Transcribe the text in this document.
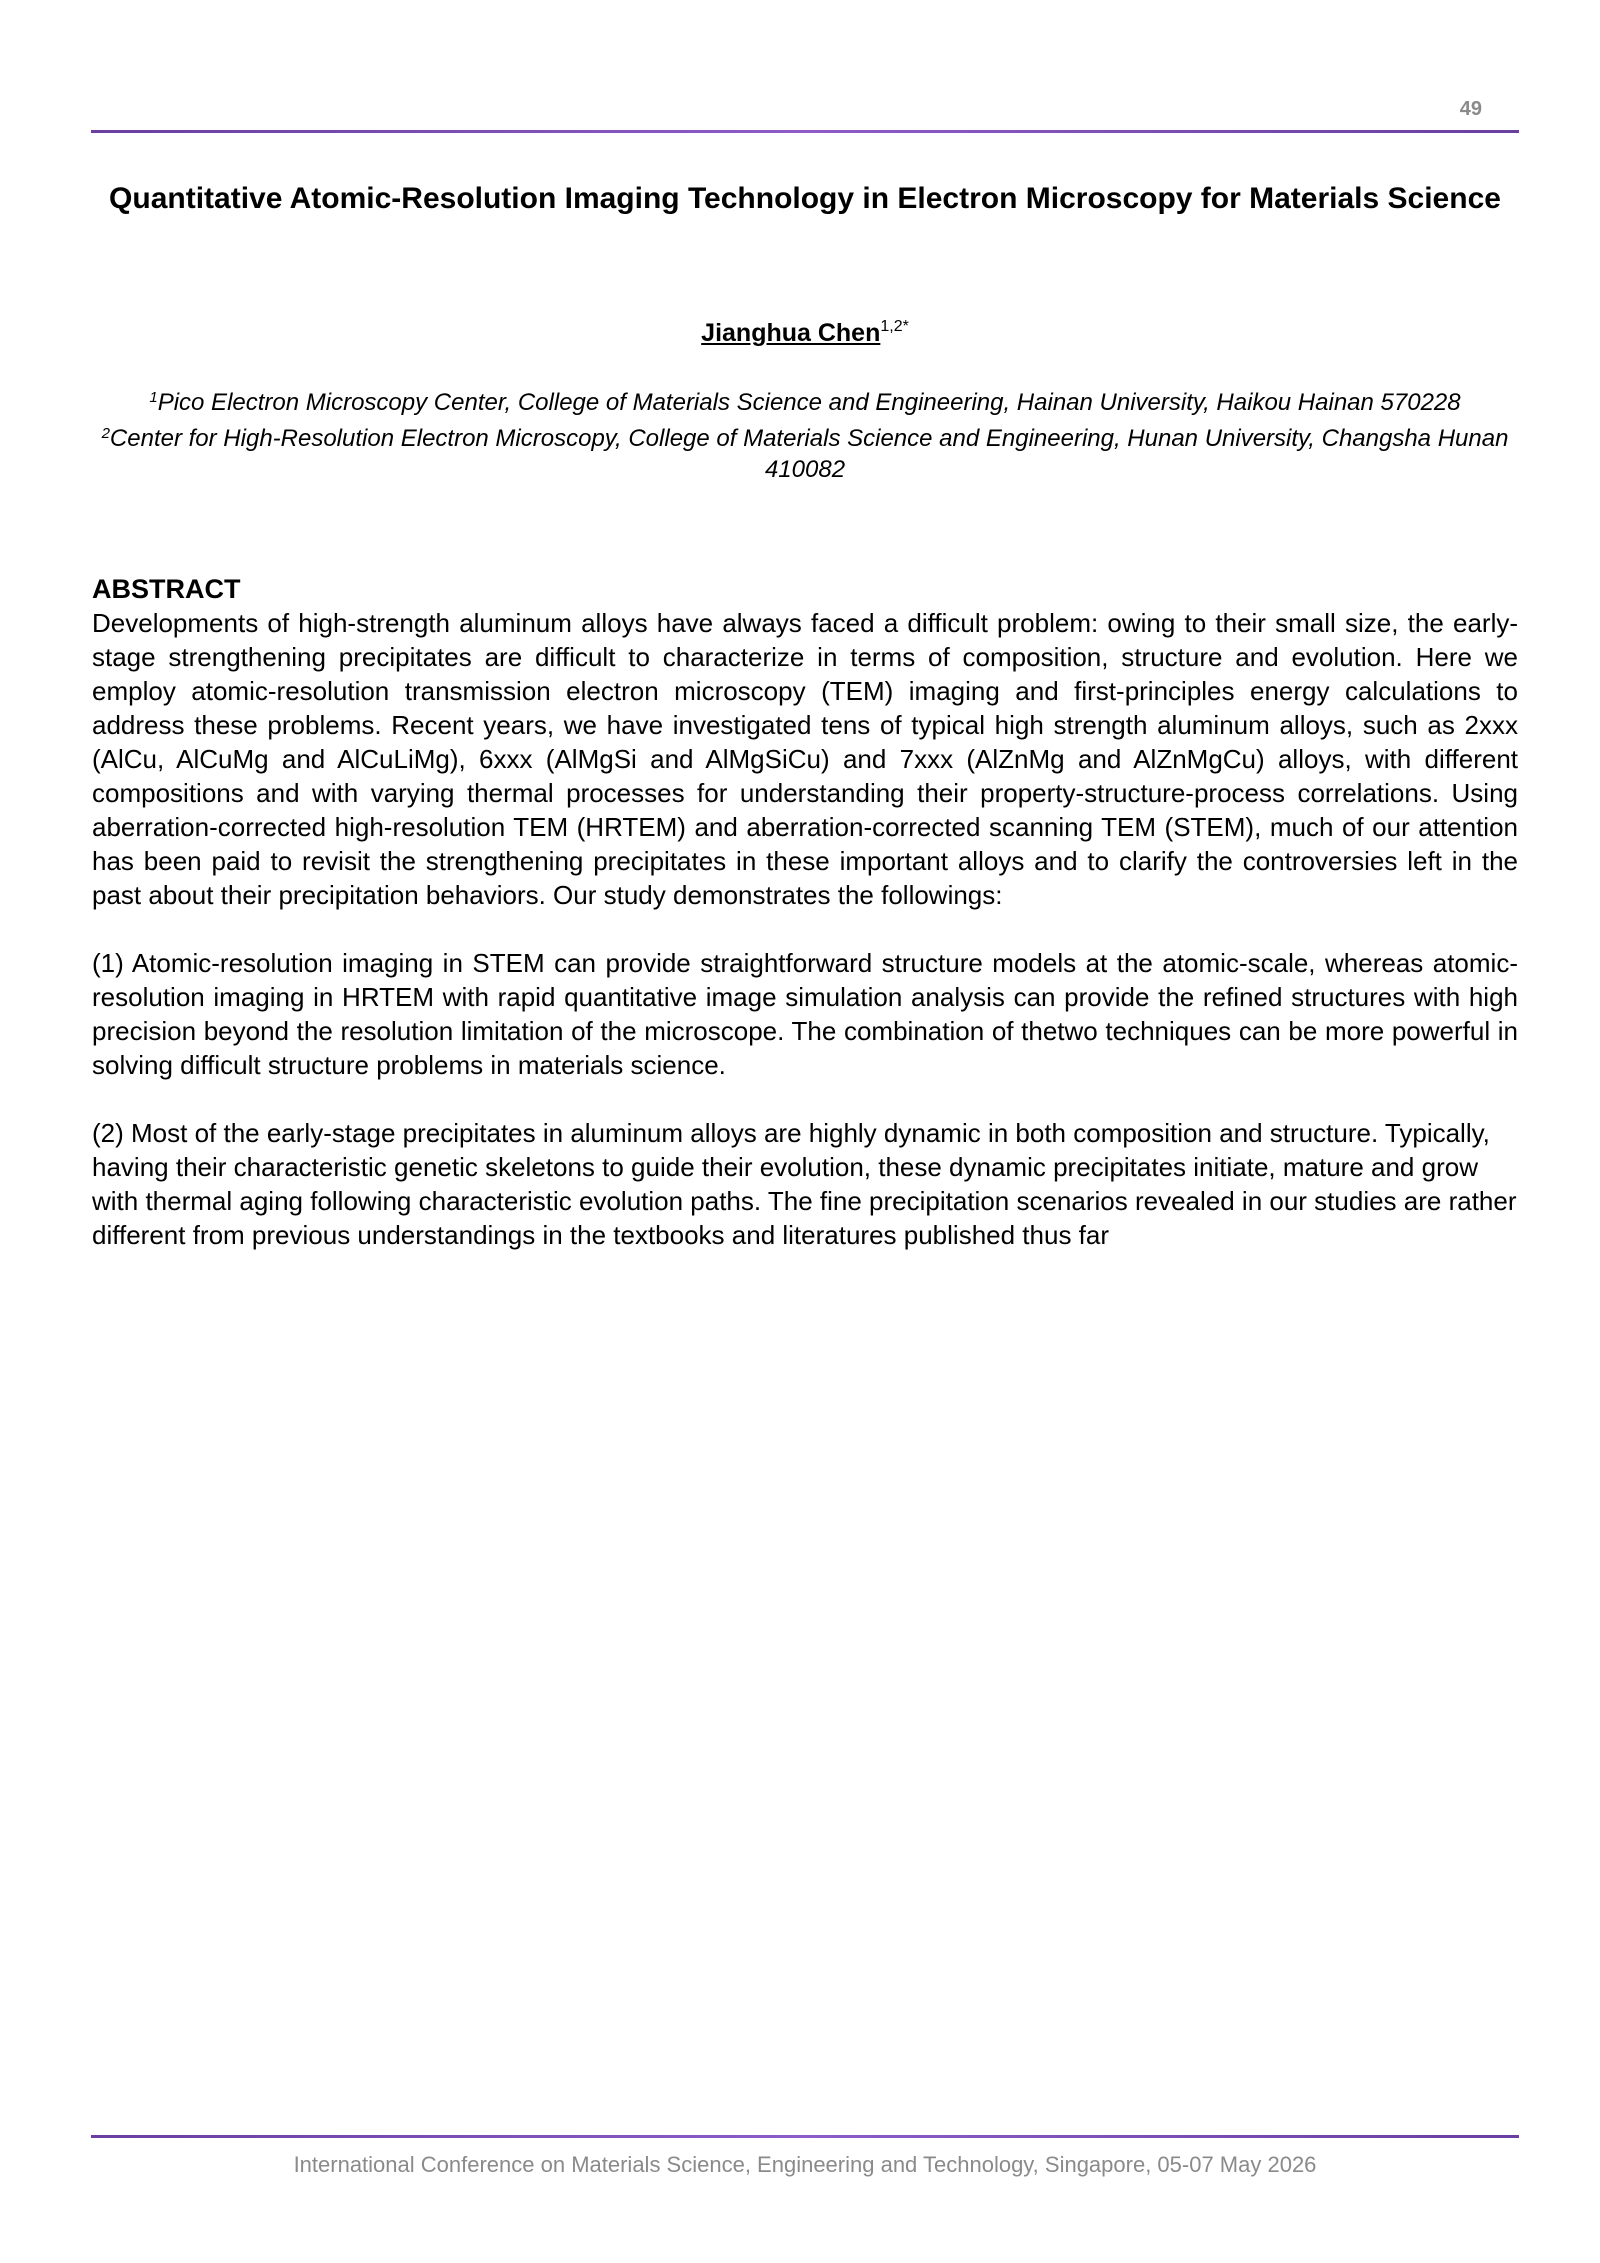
49
Quantitative Atomic-Resolution Imaging Technology in Electron Microscopy for Materials Science
Jianghua Chen$^{1,2*}$
$^1$Pico Electron Microscopy Center, College of Materials Science and Engineering, Hainan University, Haikou Hainan 570228
$^2$Center for High-Resolution Electron Microscopy, College of Materials Science and Engineering, Hunan University, Changsha Hunan 410082
ABSTRACT

Developments of high-strength aluminum alloys have always faced a difficult problem: owing to their small size, the early-stage strengthening precipitates are difficult to characterize in terms of composition, structure and evolution. Here we employ atomic-resolution transmission electron microscopy (TEM) imaging and first-principles energy calculations to address these problems. Recent years, we have investigated tens of typical high strength aluminum alloys, such as 2xxx (AlCu, AlCuMg and AlCuLiMg), 6xxx (AlMgSi and AlMgSiCu) and 7xxx (AlZnMg and AlZnMgCu) alloys, with different compositions and with varying thermal processes for understanding their property-structure-process correlations. Using aberration-corrected high-resolution TEM (HRTEM) and aberration-corrected scanning TEM (STEM), much of our attention has been paid to revisit the strengthening precipitates in these important alloys and to clarify the controversies left in the past about their precipitation behaviors. Our study demonstrates the followings:

(1) Atomic-resolution imaging in STEM can provide straightforward structure models at the atomic-scale, whereas atomic-resolution imaging in HRTEM with rapid quantitative image simulation analysis can provide the refined structures with high precision beyond the resolution limitation of the microscope. The combination of thetwo techniques can be more powerful in solving difficult structure problems in materials science.

(2) Most of the early-stage precipitates in aluminum alloys are highly dynamic in both composition and structure. Typically, having their characteristic genetic skeletons to guide their evolution, these dynamic precipitates initiate, mature and grow with thermal aging following characteristic evolution paths. The fine precipitation scenarios revealed in our studies are rather different from previous understandings in the textbooks and literatures published thus far

International Conference on Materials Science, Engineering and Technology, Singapore, 05-07 May 2026
